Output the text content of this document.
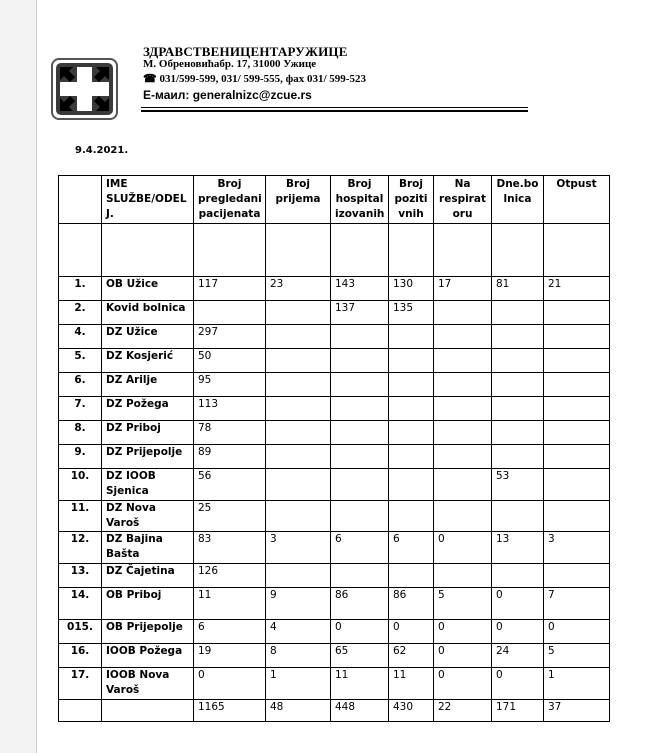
ЗДРАВСТВЕНИЦЕНТАРУЖИЦЕ
М. Обреновићабр. 17, 31000 Ужице
☎ 031/599-599, 031/ 599-555, фах 031/ 599-523
Е-маил: generalnizc@zcue.rs
9.4.2021.
	IME SLUŽBE/ODEL J.	Broj pregledani pacijenata	Broj prijema	Broj hospital izovanih	Broj poziti vnih	Na respirat oru	Dne.bo lnica	Otpust

1.	OB Užice	117	23	143	130	17	81	21
2.	Kovid bolnica			137	135			
4.	DZ Užice	297						
5.	DZ Kosjerić	50						
6.	DZ Arilje	95						
7.	DZ Požega	113						
8.	DZ Priboj	78						
9.	DZ Prijepolje	89						
10.	DZ IOOB Sjenica	56					53	
11.	DZ Nova Varoš	25						
12.	DZ Bajina Bašta	83	3	6	6	0	13	3
13.	DZ Čajetina	126						
14.	OB Priboj	11	9	86	86	5	0	7
015.	OB Prijepolje	6	4	0	0	0	0	0
16.	IOOB Požega	19	8	65	62	0	24	5
17.	IOOB Nova Varoš	0	1	11	11	0	0	1
		1165	48	448	430	22	171	37
